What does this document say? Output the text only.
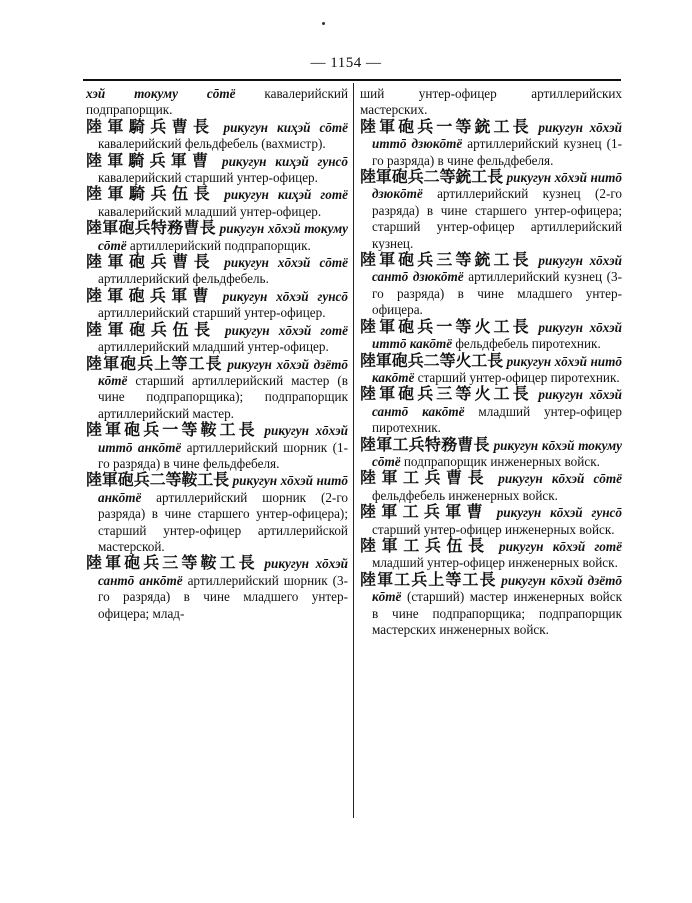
— 1154 —

хэй токуму сōтё кавалерийский подпрапорщик.

陸軍騎兵曹長 рикугун киҳэй сōтё кавалерийский фельдфебель (вахмистр).

陸軍騎兵軍曹 рикугун киҳэй гунсō кавалерийский старший унтер-офицер.

陸軍騎兵伍長 рикугун киҳэй готё кавалерийский младший унтер-офицер.

陸軍砲兵特務曹長 рикугун хōхэй токуму сōтё артиллерийский подпрапорщик.

陸軍砲兵曹長 рикугун хōхэй сōтё артиллерийский фельдфебель.

陸軍砲兵軍曹 рикугун хōхэй гунсō артиллерийский старший унтер-офицер.

陸軍砲兵伍長 рикугун хōхэй готё артиллерийский младший унтер-офицер.

陸軍砲兵上等工長 рикугун хōхэй дзётō кōтё старший артиллерийский мастер (в чине подпрапорщика); подпрапорщик артиллерийский мастер.

陸軍砲兵一等鞍工長 рикугун хōхэй иттō анкōтё артиллерийский шорник (1-го разряда) в чине фельдфебеля.

陸軍砲兵二等鞍工長 рикугун хōхэй нитō анкōтё артиллерийский шорник (2-го разряда) в чине старшего унтер-офицера); старший унтер-офицер артиллерийской мастерской.

陸軍砲兵三等鞍工長 рикугун хōхэй сантō анкōтё артиллерийский шорник (3-го разряда) в чине младшего унтер-офицера; млад-

ший унтер-офицер артиллерийских мастерских.

陸軍砲兵一等銃工長 рикугун хōхэй иттō дзюкōтё артиллерийский кузнец (1-го разряда) в чине фельдфебеля.

陸軍砲兵二等銃工長 рикугун хōхэй нитō дзюкōтё артиллерийский кузнец (2-го разряда) в чине старшего унтер-офицера; старший унтер-офицер артиллерийский кузнец.

陸軍砲兵三等銃工長 рикугун хōхэй сантō дзюкōтё артиллерийский кузнец (3-го разряда) в чине младшего унтер-офицера.

陸軍砲兵一等火工長 рикугун хōхэй иттō какōтё фельдфебель пиротехник.

陸軍砲兵二等火工長 рикугун хōхэй нитō какōтё старший унтер-офицер пиротехник.

陸軍砲兵三等火工長 рикугун хōхэй сантō какōтё младший унтер-офицер пиротехник.

陸軍工兵特務曹長 рикугун кōхэй токуму сōтё подпрапорщик инженерных войск.

陸軍工兵曹長 рикугун кōхэй сōтё фельдфебель инженерных войск.

陸軍工兵軍曹 рикугун кōхэй гунсō старший унтер-офицер инженерных войск.

陸軍工兵伍長 рикугун кōхэй готё младший унтер-офицер инженерных войск.

陸軍工兵上等工長 рикугун кōхэй дзётō кōтё (старший) мастер инженерных войск в чине подпрапорщика; подпрапорщик мастерских инженерных войск.
